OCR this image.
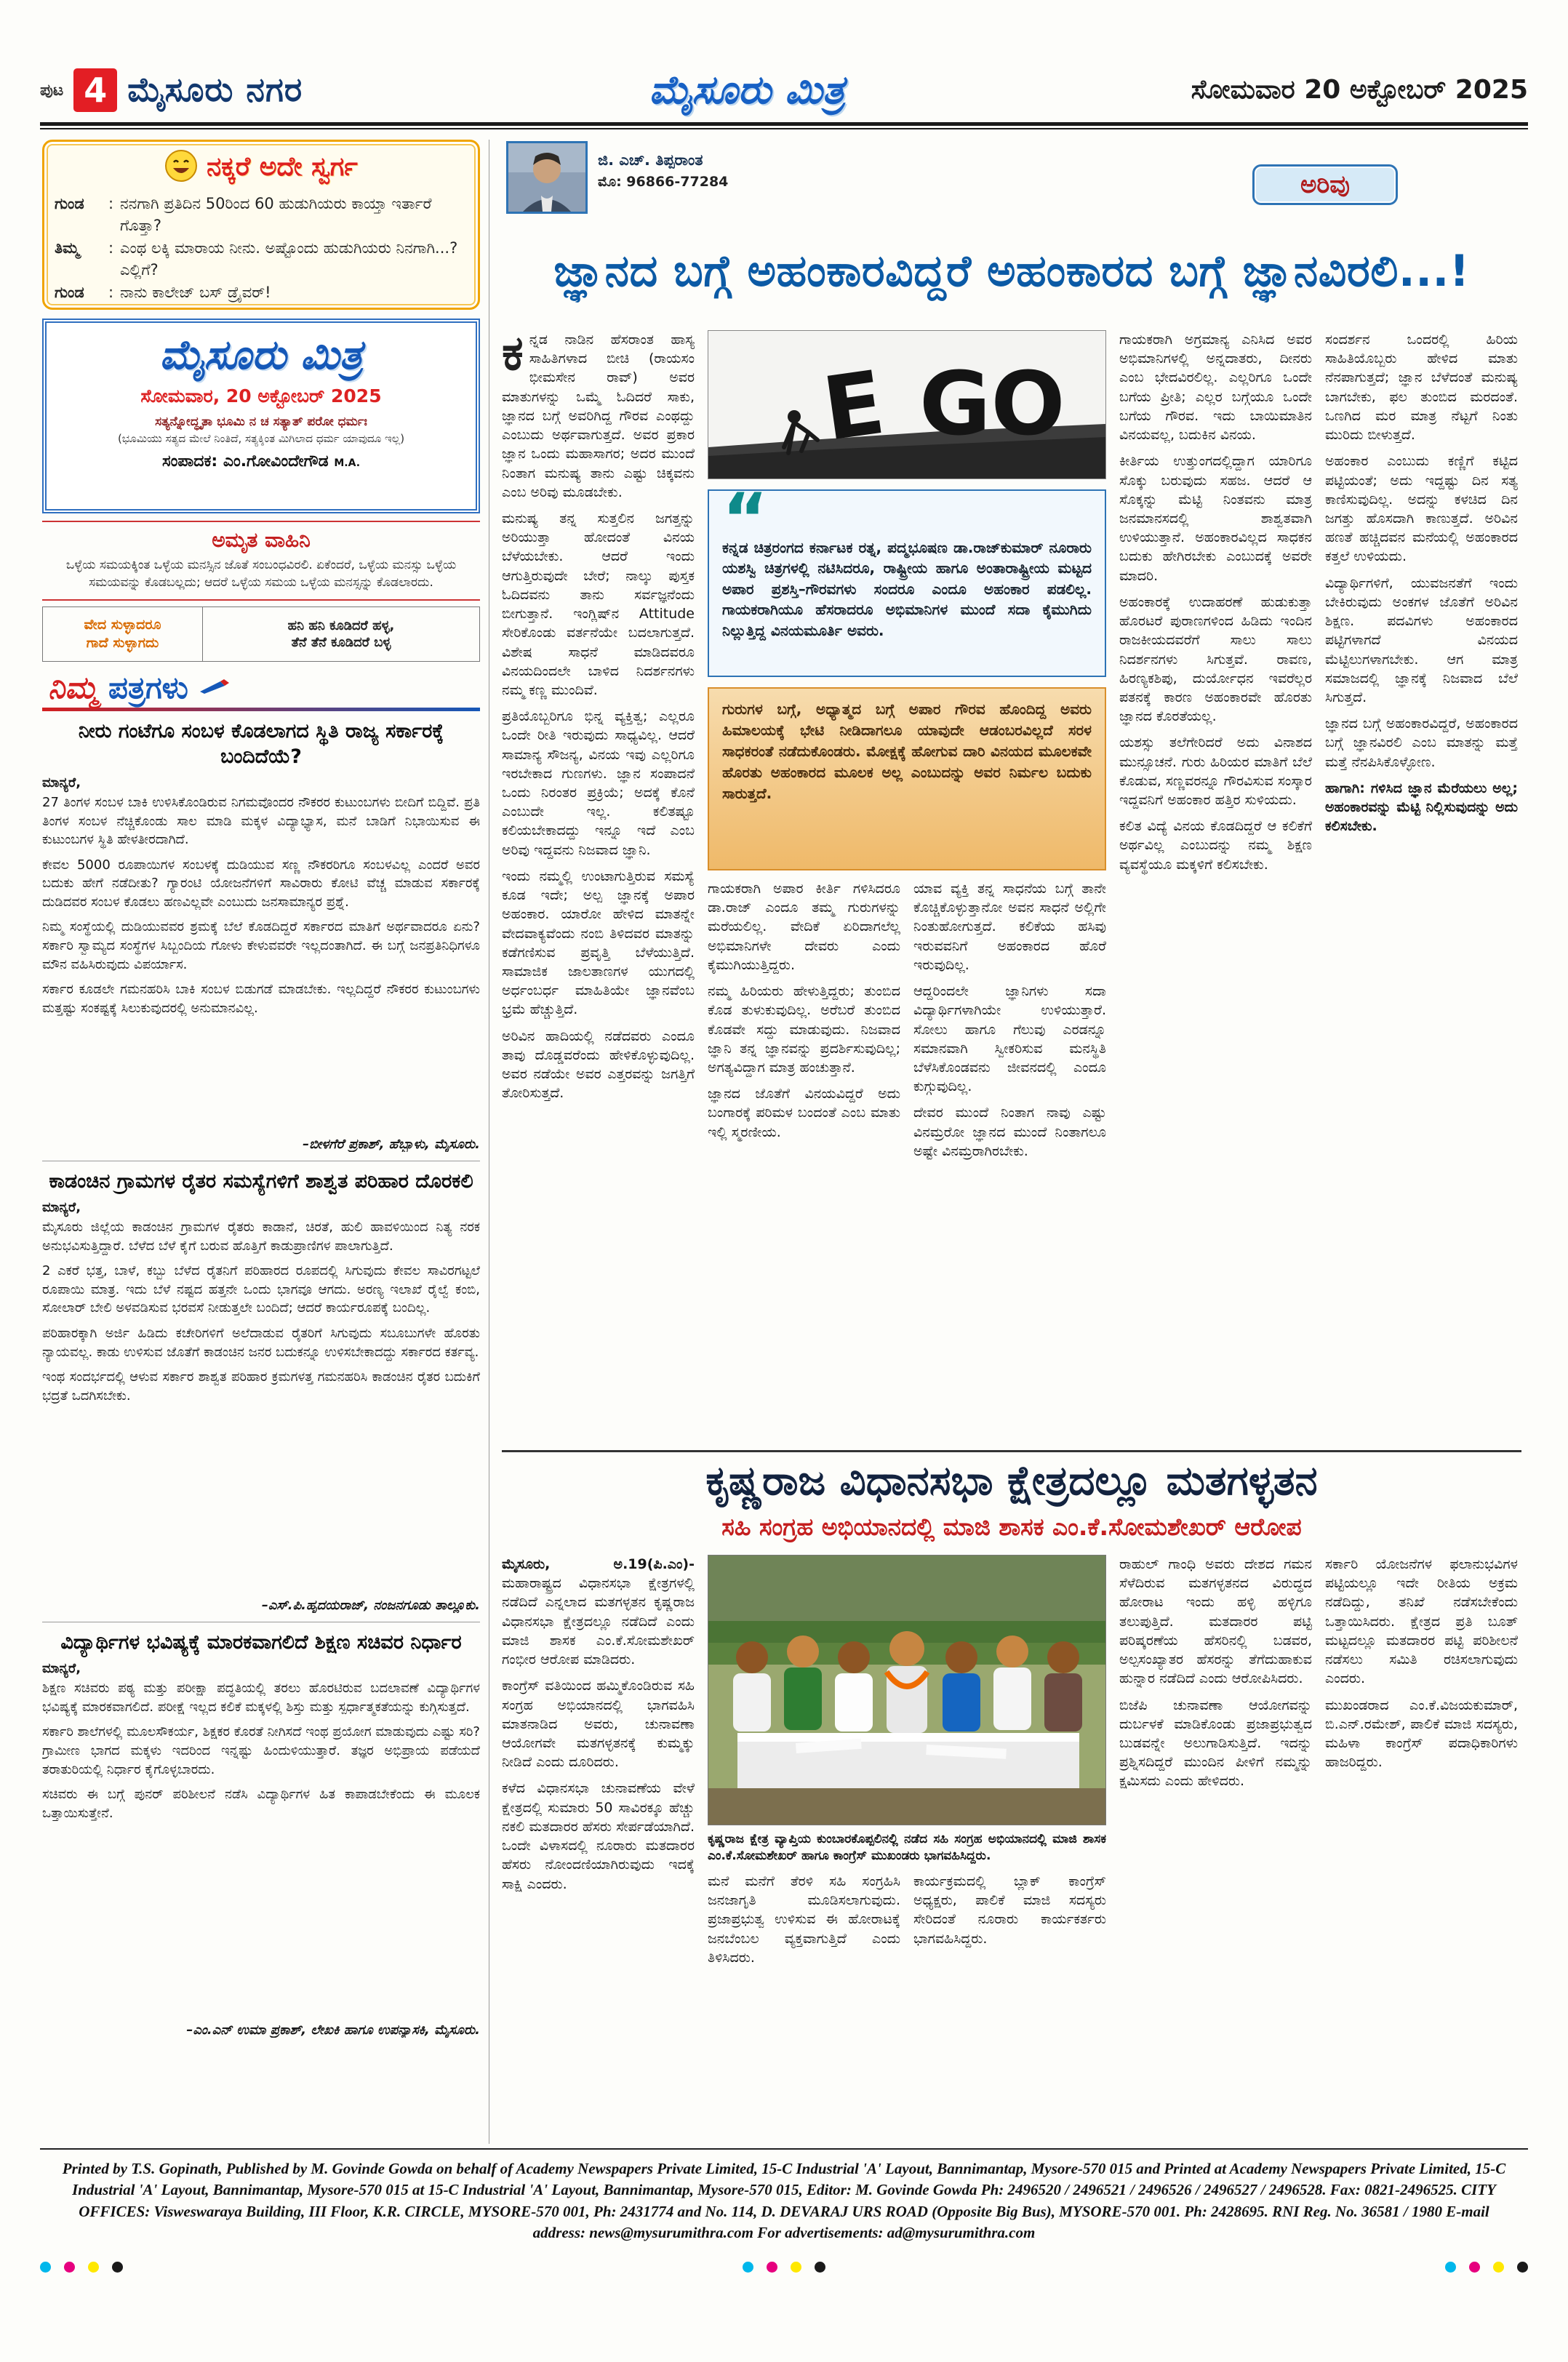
ಪುಟ 4 ಮೈಸೂರು ನಗರ	ಮೈಸೂರು ಮಿತ್ರ	ಸೋಮವಾರ 20 ಅಕ್ಟೋಬರ್ 2025
ನಕ್ಕರೆ ಅದೇ ಸ್ವರ್ಗ
ಗುಂಡ	: ನನಗಾಗಿ ಪ್ರತಿದಿನ 50ರಿಂದ 60 ಹುಡುಗಿಯರು ಕಾಯ್ತಾ ಇರ್ತಾರೆ ಗೊತ್ತಾ?
ತಿಮ್ಮ	: ಎಂಥ ಲಕ್ಕಿ ಮಾರಾಯ ನೀನು. ಅಷ್ಟೊಂದು ಹುಡುಗಿಯರು ನಿನಗಾಗಿ...? ಎಲ್ಲಿಗೆ?
ಗುಂಡ	: ನಾನು ಕಾಲೇಜ್ ಬಸ್ ಡ್ರೈವರ್!
ಮೈಸೂರು ಮಿತ್ರ
ಸೋಮವಾರ, 20 ಅಕ್ಟೋಬರ್ 2025
ಸತ್ಯನ್ನೋದ್ಧೃತಾ ಭೂಮಿ ನ ಚ ಸತ್ಯಾತ್ ಪರೋ ಧರ್ಮಃ
(ಭೂಮಿಯು ಸತ್ಯದ ಮೇಲೆ ನಿಂತಿದೆ, ಸತ್ಯಕ್ಕಿಂತ ಮಿಗಿಲಾದ ಧರ್ಮ ಯಾವುದೂ ಇಲ್ಲ)
ಸಂಪಾದಕ: ಎಂ.ಗೋವಿಂದೇಗೌಡ M.A.
ಅಮೃತ ವಾಹಿನಿ
ಒಳ್ಳೆಯ ಸಮಯಕ್ಕಿಂತ ಒಳ್ಳೆಯ ಮನಸ್ಸಿನ ಜೊತೆ ಸಂಬಂಧವಿರಲಿ. ಏಕೆಂದರೆ, ಒಳ್ಳೆಯ ಮನಸ್ಸು ಒಳ್ಳೆಯ ಸಮಯವನ್ನು ಕೊಡಬಲ್ಲದು; ಆದರೆ ಒಳ್ಳೆಯ ಸಮಯ ಒಳ್ಳೆಯ ಮನಸ್ಸನ್ನು ಕೊಡಲಾರದು.
ವೇದ ಸುಳ್ಳಾದರೂ
ಗಾದೆ ಸುಳ್ಳಾಗದು
ಹನಿ ಹನಿ ಕೂಡಿದರೆ ಹಳ್ಳ,
ತೆನೆ ತೆನೆ ಕೂಡಿದರೆ ಬಳ್ಳ
ನಿಮ್ಮ ಪತ್ರಗಳು
ನೀರು ಗಂಟೆಗೂ ಸಂಬಳ ಕೊಡಲಾಗದ ಸ್ಥಿತಿ ರಾಜ್ಯ ಸರ್ಕಾರಕ್ಕೆ ಬಂದಿದೆಯೆ?
ಮಾನ್ಯರೆ,

27 ತಿಂಗಳ ಸಂಬಳ ಬಾಕಿ ಉಳಿಸಿಕೊಂಡಿರುವ ನಿಗಮವೊಂದರ ನೌಕರರ ಕುಟುಂಬಗಳು ಬೀದಿಗೆ ಬಿದ್ದಿವೆ. ಪ್ರತಿ ತಿಂಗಳ ಸಂಬಳ ನೆಚ್ಚಿಕೊಂಡು ಸಾಲ ಮಾಡಿ ಮಕ್ಕಳ ವಿದ್ಯಾಭ್ಯಾಸ, ಮನೆ ಬಾಡಿಗೆ ನಿಭಾಯಿಸುವ ಈ ಕುಟುಂಬಗಳ ಸ್ಥಿತಿ ಹೇಳತೀರದಾಗಿದೆ.

ಕೇವಲ 5000 ರೂಪಾಯಿಗಳ ಸಂಬಳಕ್ಕೆ ದುಡಿಯುವ ಸಣ್ಣ ನೌಕರರಿಗೂ ಸಂಬಳವಿಲ್ಲ ಎಂದರೆ ಅವರ ಬದುಕು ಹೇಗೆ ನಡೆದೀತು? ಗ್ಯಾರಂಟಿ ಯೋಜನೆಗಳಿಗೆ ಸಾವಿರಾರು ಕೋಟಿ ವೆಚ್ಚ ಮಾಡುವ ಸರ್ಕಾರಕ್ಕೆ ದುಡಿದವರ ಸಂಬಳ ಕೊಡಲು ಹಣವಿಲ್ಲವೇ ಎಂಬುದು ಜನಸಾಮಾನ್ಯರ ಪ್ರಶ್ನೆ.

ನಿಮ್ಮ ಸಂಸ್ಥೆಯಲ್ಲಿ ದುಡಿಯುವವರ ಶ್ರಮಕ್ಕೆ ಬೆಲೆ ಕೊಡದಿದ್ದರೆ ಸರ್ಕಾರದ ಮಾತಿಗೆ ಅರ್ಥವಾದರೂ ಏನು? ಸರ್ಕಾರಿ ಸ್ವಾಮ್ಯದ ಸಂಸ್ಥೆಗಳ ಸಿಬ್ಬಂದಿಯ ಗೋಳು ಕೇಳುವವರೇ ಇಲ್ಲದಂತಾಗಿದೆ. ಈ ಬಗ್ಗೆ ಜನಪ್ರತಿನಿಧಿಗಳೂ ಮೌನ ವಹಿಸಿರುವುದು ವಿಪರ್ಯಾಸ.

ಸರ್ಕಾರ ಕೂಡಲೇ ಗಮನಹರಿಸಿ ಬಾಕಿ ಸಂಬಳ ಬಿಡುಗಡೆ ಮಾಡಬೇಕು. ಇಲ್ಲದಿದ್ದರೆ ನೌಕರರ ಕುಟುಂಬಗಳು ಮತ್ತಷ್ಟು ಸಂಕಷ್ಟಕ್ಕೆ ಸಿಲುಕುವುದರಲ್ಲಿ ಅನುಮಾನವಿಲ್ಲ.

–ಬೀಳಗೆರೆ ಪ್ರಕಾಶ್, ಹೆಬ್ಬಾಳು, ಮೈಸೂರು.
ಕಾಡಂಚಿನ ಗ್ರಾಮಗಳ ರೈತರ ಸಮಸ್ಯೆಗಳಿಗೆ ಶಾಶ್ವತ ಪರಿಹಾರ ದೊರಕಲಿ
ಮಾನ್ಯರೆ,

ಮೈಸೂರು ಜಿಲ್ಲೆಯ ಕಾಡಂಚಿನ ಗ್ರಾಮಗಳ ರೈತರು ಕಾಡಾನೆ, ಚಿರತೆ, ಹುಲಿ ಹಾವಳಿಯಿಂದ ನಿತ್ಯ ನರಕ ಅನುಭವಿಸುತ್ತಿದ್ದಾರೆ. ಬೆಳೆದ ಬೆಳೆ ಕೈಗೆ ಬರುವ ಹೊತ್ತಿಗೆ ಕಾಡುಪ್ರಾಣಿಗಳ ಪಾಲಾಗುತ್ತಿದೆ.

2 ಎಕರೆ ಭತ್ತ, ಬಾಳೆ, ಕಬ್ಬು ಬೆಳೆದ ರೈತನಿಗೆ ಪರಿಹಾರದ ರೂಪದಲ್ಲಿ ಸಿಗುವುದು ಕೇವಲ ಸಾವಿರಗಟ್ಟಲೆ ರೂಪಾಯಿ ಮಾತ್ರ. ಇದು ಬೆಳೆ ನಷ್ಟದ ಹತ್ತನೇ ಒಂದು ಭಾಗವೂ ಆಗದು. ಅರಣ್ಯ ಇಲಾಖೆ ರೈಲ್ವೆ ಕಂಬಿ, ಸೋಲಾರ್ ಬೇಲಿ ಅಳವಡಿಸುವ ಭರವಸೆ ನೀಡುತ್ತಲೇ ಬಂದಿದೆ; ಆದರೆ ಕಾರ್ಯರೂಪಕ್ಕೆ ಬಂದಿಲ್ಲ.

ಪರಿಹಾರಕ್ಕಾಗಿ ಅರ್ಜಿ ಹಿಡಿದು ಕಚೇರಿಗಳಿಗೆ ಅಲೆದಾಡುವ ರೈತರಿಗೆ ಸಿಗುವುದು ಸಬೂಬುಗಳೇ ಹೊರತು ನ್ಯಾಯವಲ್ಲ. ಕಾಡು ಉಳಿಸುವ ಜೊತೆಗೆ ಕಾಡಂಚಿನ ಜನರ ಬದುಕನ್ನೂ ಉಳಿಸಬೇಕಾದದ್ದು ಸರ್ಕಾರದ ಕರ್ತವ್ಯ.

ಇಂಥ ಸಂದರ್ಭದಲ್ಲಿ ಆಳುವ ಸರ್ಕಾರ ಶಾಶ್ವತ ಪರಿಹಾರ ಕ್ರಮಗಳತ್ತ ಗಮನಹರಿಸಿ ಕಾಡಂಚಿನ ರೈತರ ಬದುಕಿಗೆ ಭದ್ರತೆ ಒದಗಿಸಬೇಕು.

–ಎಸ್.ಪಿ.ಹೃದಯರಾಜ್, ನಂಜನಗೂಡು ತಾಲ್ಲೂಕು.
ವಿದ್ಯಾರ್ಥಿಗಳ ಭವಿಷ್ಯಕ್ಕೆ ಮಾರಕವಾಗಲಿದೆ ಶಿಕ್ಷಣ ಸಚಿವರ ನಿರ್ಧಾರ
ಮಾನ್ಯರೆ,

ಶಿಕ್ಷಣ ಸಚಿವರು ಪಠ್ಯ ಮತ್ತು ಪರೀಕ್ಷಾ ಪದ್ಧತಿಯಲ್ಲಿ ತರಲು ಹೊರಟಿರುವ ಬದಲಾವಣೆ ವಿದ್ಯಾರ್ಥಿಗಳ ಭವಿಷ್ಯಕ್ಕೆ ಮಾರಕವಾಗಲಿದೆ. ಪರೀಕ್ಷೆ ಇಲ್ಲದ ಕಲಿಕೆ ಮಕ್ಕಳಲ್ಲಿ ಶಿಸ್ತು ಮತ್ತು ಸ್ಪರ್ಧಾತ್ಮಕತೆಯನ್ನು ಕುಗ್ಗಿಸುತ್ತದೆ.

ಸರ್ಕಾರಿ ಶಾಲೆಗಳಲ್ಲಿ ಮೂಲಸೌಕರ್ಯ, ಶಿಕ್ಷಕರ ಕೊರತೆ ನೀಗಿಸದೆ ಇಂಥ ಪ್ರಯೋಗ ಮಾಡುವುದು ಎಷ್ಟು ಸರಿ? ಗ್ರಾಮೀಣ ಭಾಗದ ಮಕ್ಕಳು ಇದರಿಂದ ಇನ್ನಷ್ಟು ಹಿಂದುಳಿಯುತ್ತಾರೆ. ತಜ್ಞರ ಅಭಿಪ್ರಾಯ ಪಡೆಯದೆ ತರಾತುರಿಯಲ್ಲಿ ನಿರ್ಧಾರ ಕೈಗೊಳ್ಳಬಾರದು.

ಸಚಿವರು ಈ ಬಗ್ಗೆ ಪುನರ್ ಪರಿಶೀಲನೆ ನಡೆಸಿ ವಿದ್ಯಾರ್ಥಿಗಳ ಹಿತ ಕಾಪಾಡಬೇಕೆಂದು ಈ ಮೂಲಕ ಒತ್ತಾಯಿಸುತ್ತೇನೆ.

–ಎಂ.ಎನ್ ಉಮಾ ಪ್ರಕಾಶ್, ಲೇಖಕಿ ಹಾಗೂ ಉಪನ್ಯಾಸಕಿ, ಮೈಸೂರು.
ಜಿ. ಎಚ್. ತಿಪ್ಪರಾಂತ
ಮೊ: 96866-77284	ಅರಿವು
ಜ್ಞಾನದ ಬಗ್ಗೆ ಅಹಂಕಾರವಿದ್ದರೆ ಅಹಂಕಾರದ ಬಗ್ಗೆ ಜ್ಞಾನವಿರಲಿ...!

ಕನ್ನಡ ನಾಡಿನ ಹೆಸರಾಂತ ಹಾಸ್ಯ ಸಾಹಿತಿಗಳಾದ ಬೀಚಿ (ರಾಯಸಂ ಭೀಮಸೇನ ರಾವ್) ಅವರ ಮಾತುಗಳನ್ನು ಒಮ್ಮೆ ಓದಿದರೆ ಸಾಕು, ಜ್ಞಾನದ ಬಗ್ಗೆ ಅವರಿಗಿದ್ದ ಗೌರವ ಎಂಥದ್ದು ಎಂಬುದು ಅರ್ಥವಾಗುತ್ತದೆ. ಅವರ ಪ್ರಕಾರ ಜ್ಞಾನ ಒಂದು ಮಹಾಸಾಗರ; ಅದರ ಮುಂದೆ ನಿಂತಾಗ ಮನುಷ್ಯ ತಾನು ಎಷ್ಟು ಚಿಕ್ಕವನು ಎಂಬ ಅರಿವು ಮೂಡಬೇಕು.

ಮನುಷ್ಯ ತನ್ನ ಸುತ್ತಲಿನ ಜಗತ್ತನ್ನು ಅರಿಯುತ್ತಾ ಹೋದಂತೆ ವಿನಯ ಬೆಳೆಯಬೇಕು. ಆದರೆ ಇಂದು ಆಗುತ್ತಿರುವುದೇ ಬೇರೆ; ನಾಲ್ಕು ಪುಸ್ತಕ ಓದಿದವನು ತಾನು ಸರ್ವಜ್ಞನೆಂದು ಬೀಗುತ್ತಾನೆ. ಇಂಗ್ಲಿಷ್‌ನ Attitude ಸೇರಿಕೊಂಡು ವರ್ತನೆಯೇ ಬದಲಾಗುತ್ತದೆ. ವಿಶೇಷ ಸಾಧನೆ ಮಾಡಿದವರೂ ವಿನಯದಿಂದಲೇ ಬಾಳಿದ ನಿದರ್ಶನಗಳು ನಮ್ಮ ಕಣ್ಣ ಮುಂದಿವೆ.

ಪ್ರತಿಯೊಬ್ಬರಿಗೂ ಭಿನ್ನ ವ್ಯಕ್ತಿತ್ವ; ಎಲ್ಲರೂ ಒಂದೇ ರೀತಿ ಇರುವುದು ಸಾಧ್ಯವಿಲ್ಲ. ಆದರೆ ಸಾಮಾನ್ಯ ಸೌಜನ್ಯ, ವಿನಯ ಇವು ಎಲ್ಲರಿಗೂ ಇರಬೇಕಾದ ಗುಣಗಳು. ಜ್ಞಾನ ಸಂಪಾದನೆ ಒಂದು ನಿರಂತರ ಪ್ರಕ್ರಿಯೆ; ಅದಕ್ಕೆ ಕೊನೆ ಎಂಬುದೇ ಇಲ್ಲ. ಕಲಿತಷ್ಟೂ ಕಲಿಯಬೇಕಾದದ್ದು ಇನ್ನೂ ಇದೆ ಎಂಬ ಅರಿವು ಇದ್ದವನು ನಿಜವಾದ ಜ್ಞಾನಿ.

ಇಂದು ನಮ್ಮಲ್ಲಿ ಉಂಟಾಗುತ್ತಿರುವ ಸಮಸ್ಯೆ ಕೂಡ ಇದೇ; ಅಲ್ಪ ಜ್ಞಾನಕ್ಕೆ ಅಪಾರ ಅಹಂಕಾರ. ಯಾರೋ ಹೇಳಿದ ಮಾತನ್ನೇ ವೇದವಾಕ್ಯವೆಂದು ನಂಬಿ ತಿಳಿದವರ ಮಾತನ್ನು ಕಡೆಗಣಿಸುವ ಪ್ರವೃತ್ತಿ ಬೆಳೆಯುತ್ತಿದೆ. ಸಾಮಾಜಿಕ ಜಾಲತಾಣಗಳ ಯುಗದಲ್ಲಿ ಅರ್ಧಂಬರ್ಧ ಮಾಹಿತಿಯೇ ಜ್ಞಾನವೆಂಬ ಭ್ರಮೆ ಹೆಚ್ಚುತ್ತಿದೆ.

ಅರಿವಿನ ಹಾದಿಯಲ್ಲಿ ನಡೆದವರು ಎಂದೂ ತಾವು ದೊಡ್ಡವರೆಂದು ಹೇಳಿಕೊಳ್ಳುವುದಿಲ್ಲ. ಅವರ ನಡೆಯೇ ಅವರ ಎತ್ತರವನ್ನು ಜಗತ್ತಿಗೆ ತೋರಿಸುತ್ತದೆ.

E GO
“
ಕನ್ನಡ ಚಿತ್ರರಂಗದ ಕರ್ನಾಟಕ ರತ್ನ, ಪದ್ಮಭೂಷಣ ಡಾ.ರಾಜ್‌ಕುಮಾರ್ ನೂರಾರು ಯಶಸ್ವಿ ಚಿತ್ರಗಳಲ್ಲಿ ನಟಿಸಿದರೂ, ರಾಷ್ಟ್ರೀಯ ಹಾಗೂ ಅಂತಾರಾಷ್ಟ್ರೀಯ ಮಟ್ಟದ ಅಪಾರ ಪ್ರಶಸ್ತಿ–ಗೌರವಗಳು ಸಂದರೂ ಎಂದೂ ಅಹಂಕಾರ ಪಡಲಿಲ್ಲ. ಗಾಯಕರಾಗಿಯೂ ಹೆಸರಾದರೂ ಅಭಿಮಾನಿಗಳ ಮುಂದೆ ಸದಾ ಕೈಮುಗಿದು ನಿಲ್ಲುತ್ತಿದ್ದ ವಿನಯಮೂರ್ತಿ ಅವರು.
ಗುರುಗಳ ಬಗ್ಗೆ, ಅಧ್ಯಾತ್ಮದ ಬಗ್ಗೆ ಅಪಾರ ಗೌರವ ಹೊಂದಿದ್ದ ಅವರು ಹಿಮಾಲಯಕ್ಕೆ ಭೇಟಿ ನೀಡಿದಾಗಲೂ ಯಾವುದೇ ಆಡಂಬರವಿಲ್ಲದೆ ಸರಳ ಸಾಧಕರಂತೆ ನಡೆದುಕೊಂಡರು. ಮೋಕ್ಷಕ್ಕೆ ಹೋಗುವ ದಾರಿ ವಿನಯದ ಮೂಲಕವೇ ಹೊರತು ಅಹಂಕಾರದ ಮೂಲಕ ಅಲ್ಲ ಎಂಬುದನ್ನು ಅವರ ನಿರ್ಮಲ ಬದುಕು ಸಾರುತ್ತದೆ.

ಗಾಯಕರಾಗಿ ಅಪಾರ ಕೀರ್ತಿ ಗಳಿಸಿದರೂ ಡಾ.ರಾಜ್ ಎಂದೂ ತಮ್ಮ ಗುರುಗಳನ್ನು ಮರೆಯಲಿಲ್ಲ. ವೇದಿಕೆ ಏರಿದಾಗಲೆಲ್ಲ ಅಭಿಮಾನಿಗಳೇ ದೇವರು ಎಂದು ಕೈಮುಗಿಯುತ್ತಿದ್ದರು.

ನಮ್ಮ ಹಿರಿಯರು ಹೇಳುತ್ತಿದ್ದರು; ತುಂಬಿದ ಕೊಡ ತುಳುಕುವುದಿಲ್ಲ. ಅರೆಬರೆ ತುಂಬಿದ ಕೊಡವೇ ಸದ್ದು ಮಾಡುವುದು. ನಿಜವಾದ ಜ್ಞಾನಿ ತನ್ನ ಜ್ಞಾನವನ್ನು ಪ್ರದರ್ಶಿಸುವುದಿಲ್ಲ; ಅಗತ್ಯವಿದ್ದಾಗ ಮಾತ್ರ ಹಂಚುತ್ತಾನೆ.

ಜ್ಞಾನದ ಜೊತೆಗೆ ವಿನಯವಿದ್ದರೆ ಅದು ಬಂಗಾರಕ್ಕೆ ಪರಿಮಳ ಬಂದಂತೆ ಎಂಬ ಮಾತು ಇಲ್ಲಿ ಸ್ಮರಣೀಯ.

ಯಾವ ವ್ಯಕ್ತಿ ತನ್ನ ಸಾಧನೆಯ ಬಗ್ಗೆ ತಾನೇ ಕೊಚ್ಚಿಕೊಳ್ಳುತ್ತಾನೋ ಅವನ ಸಾಧನೆ ಅಲ್ಲಿಗೇ ನಿಂತುಹೋಗುತ್ತದೆ. ಕಲಿಕೆಯ ಹಸಿವು ಇರುವವನಿಗೆ ಅಹಂಕಾರದ ಹೊರೆ ಇರುವುದಿಲ್ಲ.

ಆದ್ದರಿಂದಲೇ ಜ್ಞಾನಿಗಳು ಸದಾ ವಿದ್ಯಾರ್ಥಿಗಳಾಗಿಯೇ ಉಳಿಯುತ್ತಾರೆ. ಸೋಲು ಹಾಗೂ ಗೆಲುವು ಎರಡನ್ನೂ ಸಮಾನವಾಗಿ ಸ್ವೀಕರಿಸುವ ಮನಸ್ಥಿತಿ ಬೆಳೆಸಿಕೊಂಡವನು ಜೀವನದಲ್ಲಿ ಎಂದೂ ಕುಗ್ಗುವುದಿಲ್ಲ.

ದೇವರ ಮುಂದೆ ನಿಂತಾಗ ನಾವು ಎಷ್ಟು ವಿನಮ್ರರೋ ಜ್ಞಾನದ ಮುಂದೆ ನಿಂತಾಗಲೂ ಅಷ್ಟೇ ವಿನಮ್ರರಾಗಿರಬೇಕು.

ಗಾಯಕರಾಗಿ ಅಗ್ರಮಾನ್ಯ ಎನಿಸಿದ ಅವರ ಅಭಿಮಾನಿಗಳಲ್ಲಿ ಅನ್ನದಾತರು, ದೀನರು ಎಂಬ ಭೇದವಿರಲಿಲ್ಲ. ಎಲ್ಲರಿಗೂ ಒಂದೇ ಬಗೆಯ ಪ್ರೀತಿ; ಎಲ್ಲರ ಬಗ್ಗೆಯೂ ಒಂದೇ ಬಗೆಯ ಗೌರವ. ಇದು ಬಾಯಿಮಾತಿನ ವಿನಯವಲ್ಲ, ಬದುಕಿನ ವಿನಯ.

ಕೀರ್ತಿಯ ಉತ್ತುಂಗದಲ್ಲಿದ್ದಾಗ ಯಾರಿಗೂ ಸೊಕ್ಕು ಬರುವುದು ಸಹಜ. ಆದರೆ ಆ ಸೊಕ್ಕನ್ನು ಮೆಟ್ಟಿ ನಿಂತವನು ಮಾತ್ರ ಜನಮಾನಸದಲ್ಲಿ ಶಾಶ್ವತವಾಗಿ ಉಳಿಯುತ್ತಾನೆ. ಅಹಂಕಾರವಿಲ್ಲದ ಸಾಧಕನ ಬದುಕು ಹೇಗಿರಬೇಕು ಎಂಬುದಕ್ಕೆ ಅವರೇ ಮಾದರಿ.

ಅಹಂಕಾರಕ್ಕೆ ಉದಾಹರಣೆ ಹುಡುಕುತ್ತಾ ಹೊರಟರೆ ಪುರಾಣಗಳಿಂದ ಹಿಡಿದು ಇಂದಿನ ರಾಜಕೀಯದವರೆಗೆ ಸಾಲು ಸಾಲು ನಿದರ್ಶನಗಳು ಸಿಗುತ್ತವೆ. ರಾವಣ, ಹಿರಣ್ಯಕಶಿಪು, ದುರ್ಯೋಧನ ಇವರೆಲ್ಲರ ಪತನಕ್ಕೆ ಕಾರಣ ಅಹಂಕಾರವೇ ಹೊರತು ಜ್ಞಾನದ ಕೊರತೆಯಲ್ಲ.

ಯಶಸ್ಸು ತಲೆಗೇರಿದರೆ ಅದು ವಿನಾಶದ ಮುನ್ಸೂಚನೆ. ಗುರು ಹಿರಿಯರ ಮಾತಿಗೆ ಬೆಲೆ ಕೊಡುವ, ಸಣ್ಣವರನ್ನೂ ಗೌರವಿಸುವ ಸಂಸ್ಕಾರ ಇದ್ದವನಿಗೆ ಅಹಂಕಾರ ಹತ್ತಿರ ಸುಳಿಯದು.

ಕಲಿತ ವಿದ್ಯೆ ವಿನಯ ಕೊಡದಿದ್ದರೆ ಆ ಕಲಿಕೆಗೆ ಅರ್ಥವಿಲ್ಲ ಎಂಬುದನ್ನು ನಮ್ಮ ಶಿಕ್ಷಣ ವ್ಯವಸ್ಥೆಯೂ ಮಕ್ಕಳಿಗೆ ಕಲಿಸಬೇಕು.

ಸಂದರ್ಶನ ಒಂದರಲ್ಲಿ ಹಿರಿಯ ಸಾಹಿತಿಯೊಬ್ಬರು ಹೇಳಿದ ಮಾತು ನೆನಪಾಗುತ್ತದೆ; ಜ್ಞಾನ ಬೆಳೆದಂತೆ ಮನುಷ್ಯ ಬಾಗಬೇಕು, ಫಲ ತುಂಬಿದ ಮರದಂತೆ. ಒಣಗಿದ ಮರ ಮಾತ್ರ ನೆಟ್ಟಗೆ ನಿಂತು ಮುರಿದು ಬೀಳುತ್ತದೆ.

ಅಹಂಕಾರ ಎಂಬುದು ಕಣ್ಣಿಗೆ ಕಟ್ಟಿದ ಪಟ್ಟಿಯಂತೆ; ಅದು ಇದ್ದಷ್ಟು ದಿನ ಸತ್ಯ ಕಾಣಿಸುವುದಿಲ್ಲ. ಅದನ್ನು ಕಳಚಿದ ದಿನ ಜಗತ್ತು ಹೊಸದಾಗಿ ಕಾಣುತ್ತದೆ. ಅರಿವಿನ ಹಣತೆ ಹಚ್ಚಿದವನ ಮನೆಯಲ್ಲಿ ಅಹಂಕಾರದ ಕತ್ತಲೆ ಉಳಿಯದು.

ವಿದ್ಯಾರ್ಥಿಗಳಿಗೆ, ಯುವಜನತೆಗೆ ಇಂದು ಬೇಕಿರುವುದು ಅಂಕಗಳ ಜೊತೆಗೆ ಅರಿವಿನ ಶಿಕ್ಷಣ. ಪದವಿಗಳು ಅಹಂಕಾರದ ಪಟ್ಟಿಗಳಾಗದೆ ವಿನಯದ ಮೆಟ್ಟಿಲುಗಳಾಗಬೇಕು. ಆಗ ಮಾತ್ರ ಸಮಾಜದಲ್ಲಿ ಜ್ಞಾನಕ್ಕೆ ನಿಜವಾದ ಬೆಲೆ ಸಿಗುತ್ತದೆ.

ಜ್ಞಾನದ ಬಗ್ಗೆ ಅಹಂಕಾರವಿದ್ದರೆ, ಅಹಂಕಾರದ ಬಗ್ಗೆ ಜ್ಞಾನವಿರಲಿ ಎಂಬ ಮಾತನ್ನು ಮತ್ತೆ ಮತ್ತೆ ನೆನಪಿಸಿಕೊಳ್ಳೋಣ.

ಹಾಗಾಗಿ: ಗಳಿಸಿದ ಜ್ಞಾನ ಮೆರೆಯಲು ಅಲ್ಲ; ಅಹಂಕಾರವನ್ನು ಮೆಟ್ಟಿ ನಿಲ್ಲಿಸುವುದನ್ನು ಅದು ಕಲಿಸಬೇಕು.

ಕೃಷ್ಣರಾಜ ವಿಧಾನಸಭಾ ಕ್ಷೇತ್ರದಲ್ಲೂ ಮತಗಳ್ಳತನ
ಸಹಿ ಸಂಗ್ರಹ ಅಭಿಯಾನದಲ್ಲಿ ಮಾಜಿ ಶಾಸಕ ಎಂ.ಕೆ.ಸೋಮಶೇಖರ್ ಆರೋಪ

ಮೈಸೂರು, ಅ.19(ಪಿ.ಎಂ)- ಮಹಾರಾಷ್ಟ್ರದ ವಿಧಾನಸಭಾ ಕ್ಷೇತ್ರಗಳಲ್ಲಿ ನಡೆದಿದೆ ಎನ್ನಲಾದ ಮತಗಳ್ಳತನ ಕೃಷ್ಣರಾಜ ವಿಧಾನಸಭಾ ಕ್ಷೇತ್ರದಲ್ಲೂ ನಡೆದಿದೆ ಎಂದು ಮಾಜಿ ಶಾಸಕ ಎಂ.ಕೆ.ಸೋಮಶೇಖರ್ ಗಂಭೀರ ಆರೋಪ ಮಾಡಿದರು.

ಕಾಂಗ್ರೆಸ್ ವತಿಯಿಂದ ಹಮ್ಮಿಕೊಂಡಿರುವ ಸಹಿ ಸಂಗ್ರಹ ಅಭಿಯಾನದಲ್ಲಿ ಭಾಗವಹಿಸಿ ಮಾತನಾಡಿದ ಅವರು, ಚುನಾವಣಾ ಆಯೋಗವೇ ಮತಗಳ್ಳತನಕ್ಕೆ ಕುಮ್ಮಕ್ಕು ನೀಡಿದೆ ಎಂದು ದೂರಿದರು.

ಕಳೆದ ವಿಧಾನಸಭಾ ಚುನಾವಣೆಯ ವೇಳೆ ಕ್ಷೇತ್ರದಲ್ಲಿ ಸುಮಾರು 50 ಸಾವಿರಕ್ಕೂ ಹೆಚ್ಚು ನಕಲಿ ಮತದಾರರ ಹೆಸರು ಸೇರ್ಪಡೆಯಾಗಿದೆ. ಒಂದೇ ವಿಳಾಸದಲ್ಲಿ ನೂರಾರು ಮತದಾರರ ಹೆಸರು ನೋಂದಣಿಯಾಗಿರುವುದು ಇದಕ್ಕೆ ಸಾಕ್ಷಿ ಎಂದರು.

ಕೃಷ್ಣರಾಜ ಕ್ಷೇತ್ರ ವ್ಯಾಪ್ತಿಯ ಕುಂಬಾರಕೊಪ್ಪಲಿನಲ್ಲಿ ನಡೆದ ಸಹಿ ಸಂಗ್ರಹ ಅಭಿಯಾನದಲ್ಲಿ ಮಾಜಿ ಶಾಸಕ ಎಂ.ಕೆ.ಸೋಮಶೇಖರ್ ಹಾಗೂ ಕಾಂಗ್ರೆಸ್ ಮುಖಂಡರು ಭಾಗವಹಿಸಿದ್ದರು.

ಮನೆ ಮನೆಗೆ ತೆರಳಿ ಸಹಿ ಸಂಗ್ರಹಿಸಿ ಜನಜಾಗೃತಿ ಮೂಡಿಸಲಾಗುವುದು. ಪ್ರಜಾಪ್ರಭುತ್ವ ಉಳಿಸುವ ಈ ಹೋರಾಟಕ್ಕೆ ಜನಬೆಂಬಲ ವ್ಯಕ್ತವಾಗುತ್ತಿದೆ ಎಂದು ತಿಳಿಸಿದರು.

ಕಾರ್ಯಕ್ರಮದಲ್ಲಿ ಬ್ಲಾಕ್ ಕಾಂಗ್ರೆಸ್ ಅಧ್ಯಕ್ಷರು, ಪಾಲಿಕೆ ಮಾಜಿ ಸದಸ್ಯರು ಸೇರಿದಂತೆ ನೂರಾರು ಕಾರ್ಯಕರ್ತರು ಭಾಗವಹಿಸಿದ್ದರು.

ರಾಹುಲ್ ಗಾಂಧಿ ಅವರು ದೇಶದ ಗಮನ ಸೆಳೆದಿರುವ ಮತಗಳ್ಳತನದ ವಿರುದ್ಧದ ಹೋರಾಟ ಇಂದು ಹಳ್ಳಿ ಹಳ್ಳಿಗೂ ತಲುಪುತ್ತಿದೆ. ಮತದಾರರ ಪಟ್ಟಿ ಪರಿಷ್ಕರಣೆಯ ಹೆಸರಿನಲ್ಲಿ ಬಡವರ, ಅಲ್ಪಸಂಖ್ಯಾತರ ಹೆಸರನ್ನು ತೆಗೆದುಹಾಕುವ ಹುನ್ನಾರ ನಡೆದಿದೆ ಎಂದು ಆರೋಪಿಸಿದರು.

ಬಿಜೆಪಿ ಚುನಾವಣಾ ಆಯೋಗವನ್ನು ದುರ್ಬಳಕೆ ಮಾಡಿಕೊಂಡು ಪ್ರಜಾಪ್ರಭುತ್ವದ ಬುಡವನ್ನೇ ಅಲುಗಾಡಿಸುತ್ತಿದೆ. ಇದನ್ನು ಪ್ರಶ್ನಿಸದಿದ್ದರೆ ಮುಂದಿನ ಪೀಳಿಗೆ ನಮ್ಮನ್ನು ಕ್ಷಮಿಸದು ಎಂದು ಹೇಳಿದರು.

ಸರ್ಕಾರಿ ಯೋಜನೆಗಳ ಫಲಾನುಭವಿಗಳ ಪಟ್ಟಿಯಲ್ಲೂ ಇದೇ ರೀತಿಯ ಅಕ್ರಮ ನಡೆದಿದ್ದು, ತನಿಖೆ ನಡೆಸಬೇಕೆಂದು ಒತ್ತಾಯಿಸಿದರು. ಕ್ಷೇತ್ರದ ಪ್ರತಿ ಬೂತ್ ಮಟ್ಟದಲ್ಲೂ ಮತದಾರರ ಪಟ್ಟಿ ಪರಿಶೀಲನೆ ನಡೆಸಲು ಸಮಿತಿ ರಚಿಸಲಾಗುವುದು ಎಂದರು.

ಮುಖಂಡರಾದ ಎಂ.ಕೆ.ವಿಜಯಕುಮಾರ್, ಬಿ.ಎನ್.ರಮೇಶ್, ಪಾಲಿಕೆ ಮಾಜಿ ಸದಸ್ಯರು, ಮಹಿಳಾ ಕಾಂಗ್ರೆಸ್ ಪದಾಧಿಕಾರಿಗಳು ಹಾಜರಿದ್ದರು.

Printed by T.S. Gopinath, Published by M. Govinde Gowda on behalf of Academy Newspapers Private Limited, 15-C Industrial 'A' Layout, Bannimantap, Mysore-570 015 and Printed at Academy Newspapers Private Limited, 15-C Industrial 'A' Layout, Bannimantap, Mysore-570 015 at 15-C Industrial 'A' Layout, Bannimantap, Mysore-570 015, Editor: M. Govinde Gowda Ph: 2496520 / 2496521 / 2496526 / 2496527 / 2496528. Fax: 0821-2496525. CITY OFFICES: Visweswaraya Building, III Floor, K.R. CIRCLE, MYSORE-570 001, Ph: 2431774 and No. 114, D. DEVARAJ URS ROAD (Opposite Big Bus), MYSORE-570 001. Ph: 2428695. RNI Reg. No. 36581 / 1980 E-mail address: news@mysurumithra.com For advertisements: ad@mysurumithra.com
